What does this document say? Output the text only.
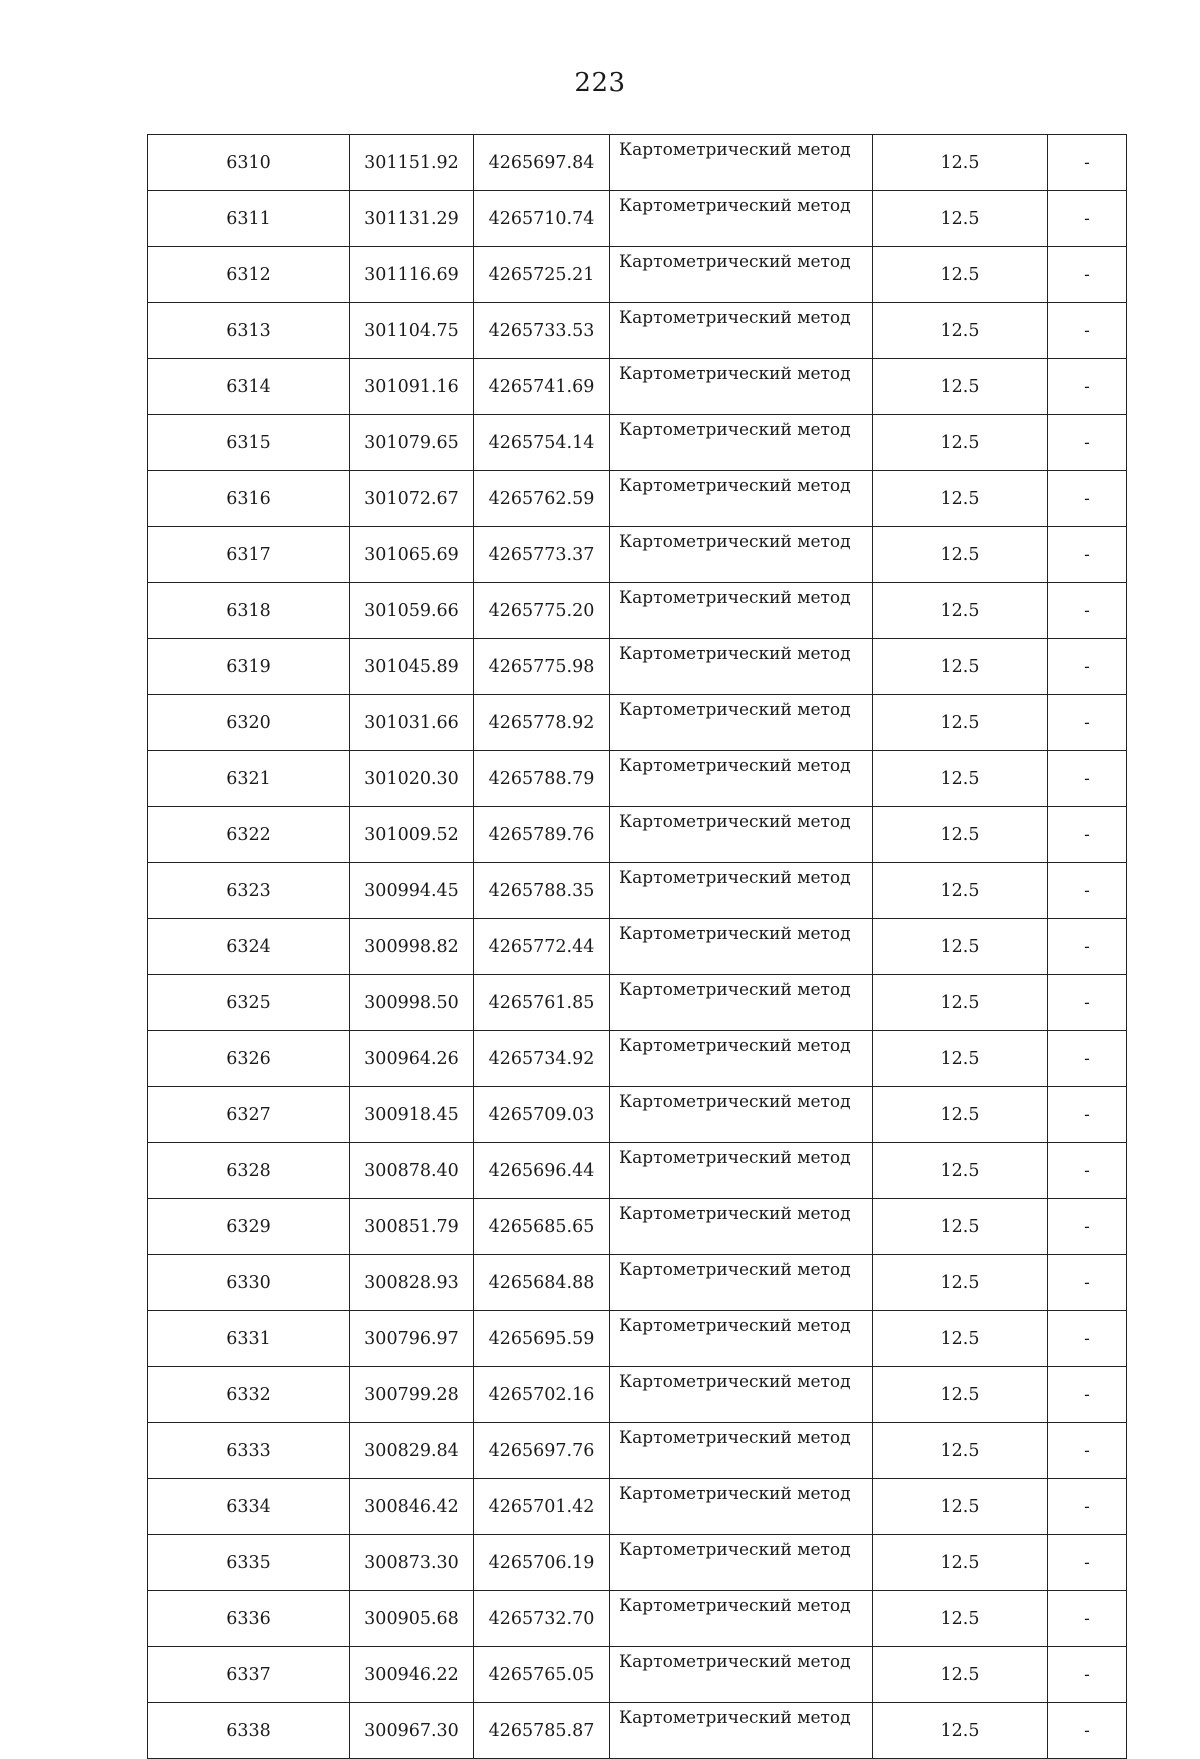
223
6310	301151.92	4265697.84	Картометрический метод	12.5	-
6311	301131.29	4265710.74	Картометрический метод	12.5	-
6312	301116.69	4265725.21	Картометрический метод	12.5	-
6313	301104.75	4265733.53	Картометрический метод	12.5	-
6314	301091.16	4265741.69	Картометрический метод	12.5	-
6315	301079.65	4265754.14	Картометрический метод	12.5	-
6316	301072.67	4265762.59	Картометрический метод	12.5	-
6317	301065.69	4265773.37	Картометрический метод	12.5	-
6318	301059.66	4265775.20	Картометрический метод	12.5	-
6319	301045.89	4265775.98	Картометрический метод	12.5	-
6320	301031.66	4265778.92	Картометрический метод	12.5	-
6321	301020.30	4265788.79	Картометрический метод	12.5	-
6322	301009.52	4265789.76	Картометрический метод	12.5	-
6323	300994.45	4265788.35	Картометрический метод	12.5	-
6324	300998.82	4265772.44	Картометрический метод	12.5	-
6325	300998.50	4265761.85	Картометрический метод	12.5	-
6326	300964.26	4265734.92	Картометрический метод	12.5	-
6327	300918.45	4265709.03	Картометрический метод	12.5	-
6328	300878.40	4265696.44	Картометрический метод	12.5	-
6329	300851.79	4265685.65	Картометрический метод	12.5	-
6330	300828.93	4265684.88	Картометрический метод	12.5	-
6331	300796.97	4265695.59	Картометрический метод	12.5	-
6332	300799.28	4265702.16	Картометрический метод	12.5	-
6333	300829.84	4265697.76	Картометрический метод	12.5	-
6334	300846.42	4265701.42	Картометрический метод	12.5	-
6335	300873.30	4265706.19	Картометрический метод	12.5	-
6336	300905.68	4265732.70	Картометрический метод	12.5	-
6337	300946.22	4265765.05	Картометрический метод	12.5	-
6338	300967.30	4265785.87	Картометрический метод	12.5	-
